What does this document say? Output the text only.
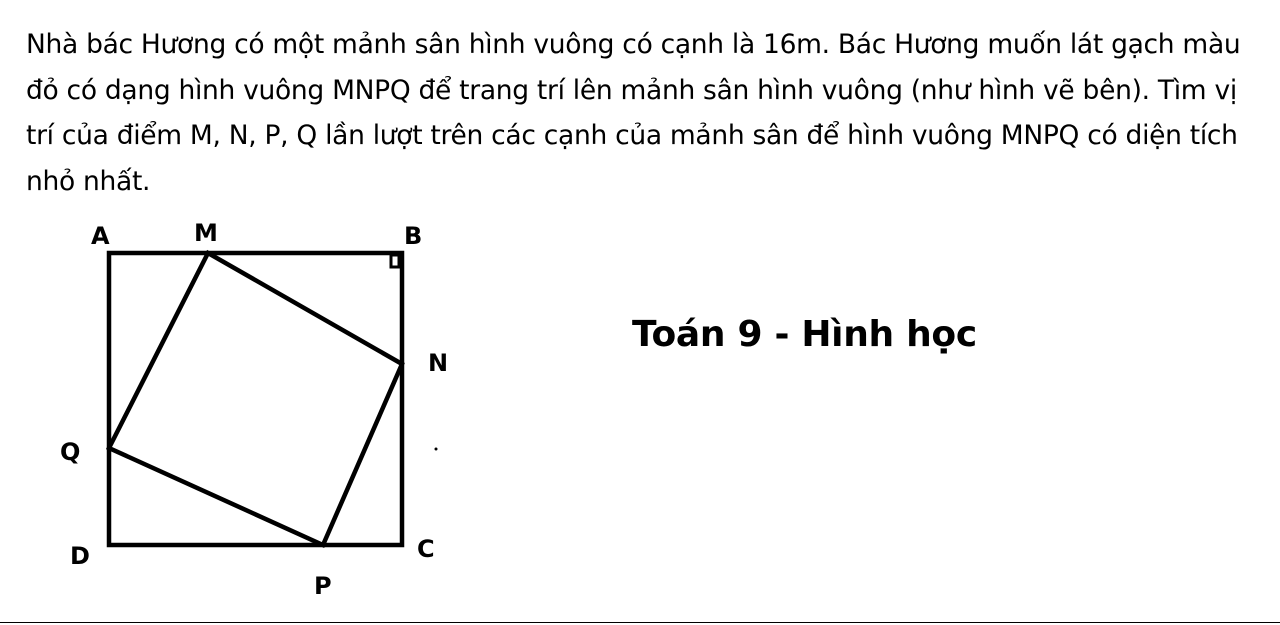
Nhà bác Hương có một mảnh sân hình vuông có cạnh là 16m. Bác Hương muốn lát gạch màu đỏ có dạng hình vuông MNPQ để trang trí lên mảnh sân hình vuông (như hình vẽ bên). Tìm vị trí của điểm M, N, P, Q lần lượt trên các cạnh của mảnh sân để hình vuông MNPQ có diện tích nhỏ nhất.

A	M	B
N
Q
D	C
P

Toán 9 - Hình học
